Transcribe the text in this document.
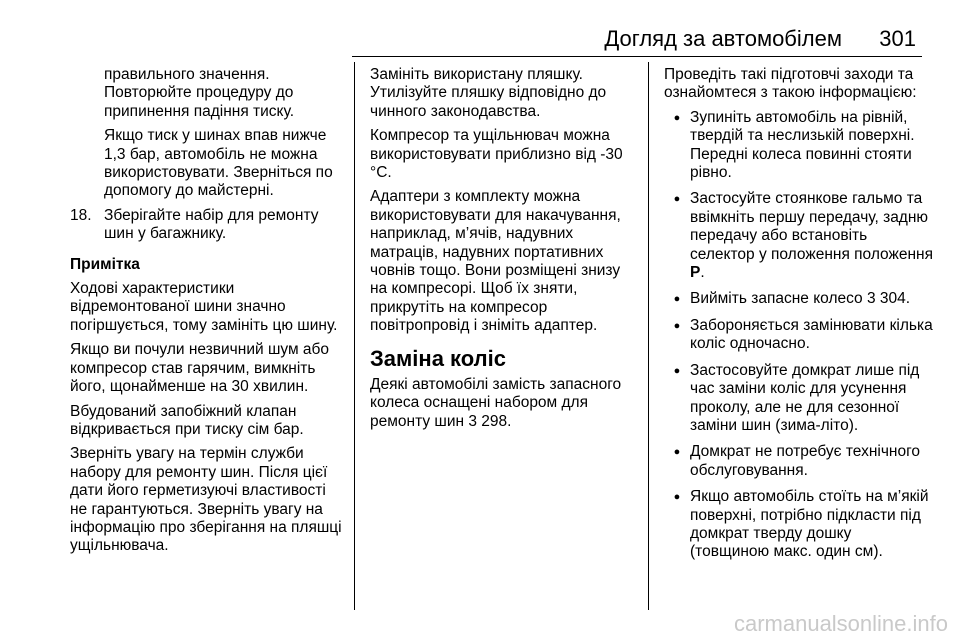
Догляд за автомобілем 301

правильного значення. Повторюйте процедуру до припинення падіння тиску.

Якщо тиск у шинах впав нижче 1,3 бар, автомобіль не можна використовувати. Зверніться по допомогу до майстерні.

18. Зберігайте набір для ремонту шин у багажнику.

Примітка

Ходові характеристики відремонтованої шини значно погіршується, тому замініть цю шину.

Якщо ви почули незвичний шум або компресор став гарячим, вимкніть його, щонайменше на 30 хвилин.

Вбудований запобіжний клапан відкривається при тиску сім бар.

Зверніть увагу на термін служби набору для ремонту шин. Після цієї дати його герметизуючі властивості не гарантуються. Зверніть увагу на інформацію про зберігання на пляшці ущільнювача.

Замініть використану пляшку. Утилізуйте пляшку відповідно до чинного законодавства.

Компресор та ущільнювач можна використовувати приблизно від -30 °C.

Адаптери з комплекту можна використовувати для накачування, наприклад, м’ячів, надувних матраців, надувних портативних човнів тощо. Вони розміщені знизу на компресорі. Щоб їх зняти, прикрутіть на компресор повітропровід і зніміть адаптер.

Заміна коліс

Деякі автомобілі замість запасного колеса оснащені набором для ремонту шин 3 298.

Проведіть такі підготовчі заходи та ознайомтеся з такою інформацією:

● Зупиніть автомобіль на рівній, твердій та неслизькій поверхні. Передні колеса повинні стояти рівно.
● Застосуйте стоянкове гальмо та ввімкніть першу передачу, задню передачу або встановіть селектор у положення положення P.
● Вийміть запасне колесо 3 304.
● Забороняється замінювати кілька коліс одночасно.
● Застосовуйте домкрат лише під час заміни коліс для усунення проколу, але не для сезонної заміни шин (зима-літо).
● Домкрат не потребує технічного обслуговування.
● Якщо автомобіль стоїть на м’якій поверхні, потрібно підкласти під домкрат тверду дошку (товщиною макс. один см).
carmanualsonline.info
